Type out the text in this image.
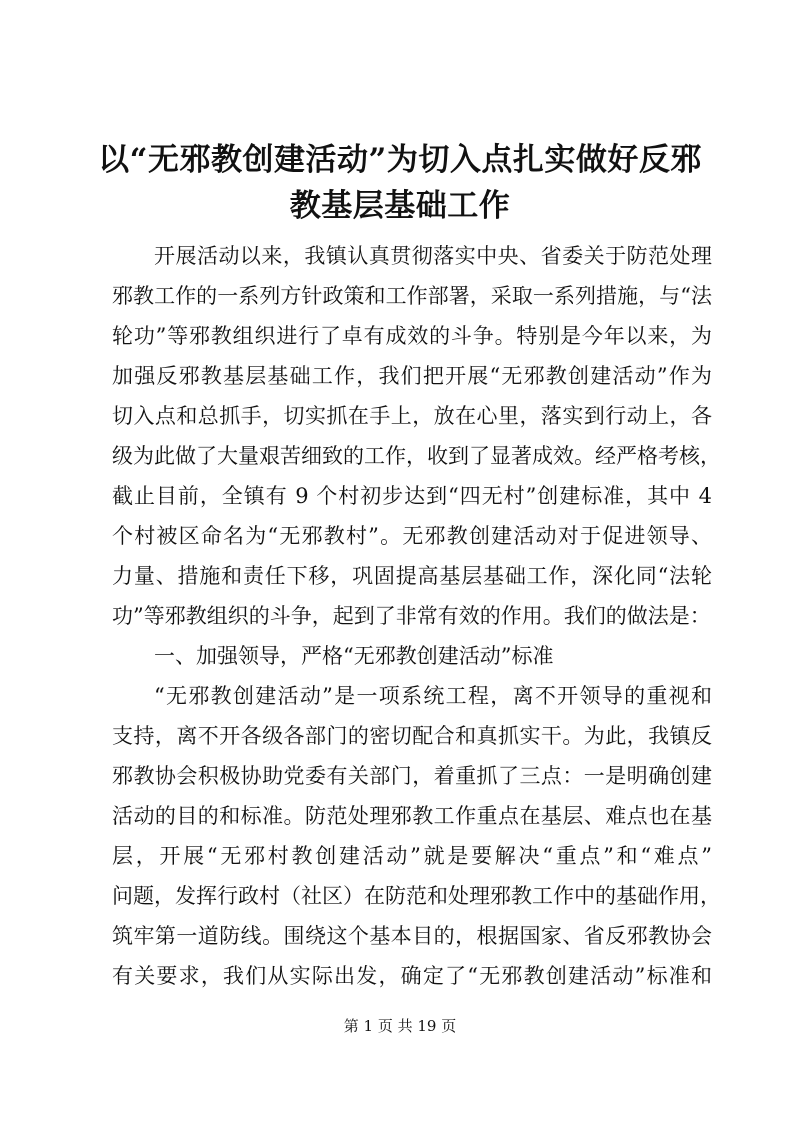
以“无邪教创建活动”为切入点扎实做好反邪
教基层基础工作
开展活动以来，我镇认真贯彻落实中央、省委关于防范处理
邪教工作的一系列方针政策和工作部署，采取一系列措施，与“法
轮功”等邪教组织进行了卓有成效的斗争。特别是今年以来，为
加强反邪教基层基础工作，我们把开展“无邪教创建活动”作为
切入点和总抓手，切实抓在手上，放在心里，落实到行动上，各
级为此做了大量艰苦细致的工作，收到了显著成效。经严格考核，
截止目前，全镇有 9 个村初步达到“四无村”创建标准，其中 4
个村被区命名为“无邪教村”。无邪教创建活动对于促进领导、
力量、措施和责任下移，巩固提高基层基础工作，深化同“法轮
功”等邪教组织的斗争，起到了非常有效的作用。我们的做法是：
一、加强领导，严格“无邪教创建活动”标准
“无邪教创建活动”是一项系统工程，离不开领导的重视和
支持，离不开各级各部门的密切配合和真抓实干。为此，我镇反
邪教协会积极协助党委有关部门，着重抓了三点：一是明确创建
活动的目的和标准。防范处理邪教工作重点在基层、难点也在基
层，开展“无邪村教创建活动”就是要解决“重点”和“难点”
问题，发挥行政村（社区）在防范和处理邪教工作中的基础作用，
筑牢第一道防线。围绕这个基本目的，根据国家、省反邪教协会
有关要求，我们从实际出发，确定了“无邪教创建活动”标准和
第 1 页 共 19 页
